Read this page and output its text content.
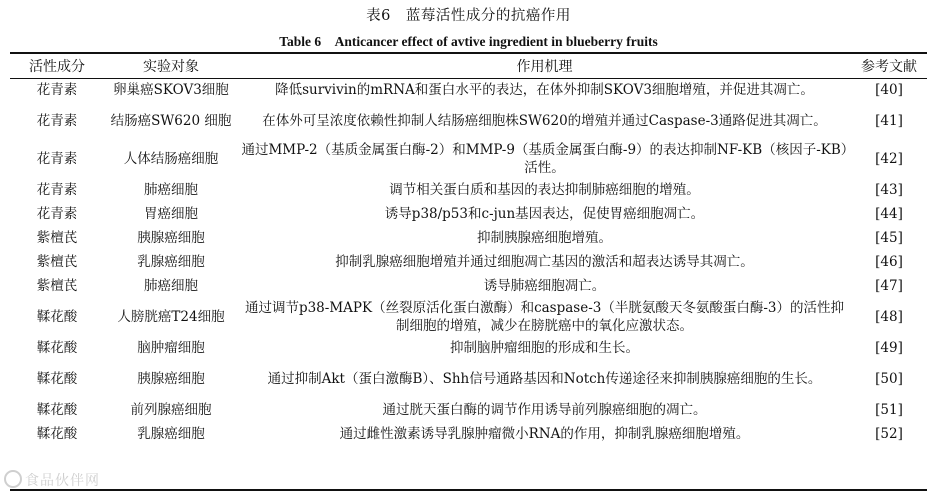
表6　蓝莓活性成分的抗癌作用
Table 6　Anticancer effect of avtive ingredient in blueberry fruits
活性成分	实验对象	作用机理	参考文献
花青素	卵巢癌SKOV3细胞	降低survivin的mRNA和蛋白水平的表达，在体外抑制SKOV3细胞增殖，并促进其凋亡。	[40]
花青素	结肠癌SW620 细胞	在体外可呈浓度依赖性抑制人结肠癌细胞株SW620的增殖并通过Caspase-3通路促进其凋亡。	[41]
花青素	人体结肠癌细胞	通过MMP-2（基质金属蛋白酶-2）和MMP-9（基质金属蛋白酶-9）的表达抑制NF-KB（核因子-KB）活性。	[42]
花青素	肺癌细胞	调节相关蛋白质和基因的表达抑制肺癌细胞的增殖。	[43]
花青素	胃癌细胞	诱导p38/p53和c-jun基因表达，促使胃癌细胞凋亡。	[44]
紫檀芪	胰腺癌细胞	抑制胰腺癌细胞增殖。	[45]
紫檀芪	乳腺癌细胞	抑制乳腺癌细胞增殖并通过细胞凋亡基因的激活和超表达诱导其凋亡。	[46]
紫檀芪	肺癌细胞	诱导肺癌细胞凋亡。	[47]
鞣花酸	人膀胱癌T24细胞	通过调节p38-MAPK（丝裂原活化蛋白激酶）和caspase-3（半胱氨酸天冬氨酸蛋白酶-3）的活性抑制细胞的增殖，减少在膀胱癌中的氧化应激状态。	[48]
鞣花酸	脑肿瘤细胞	抑制脑肿瘤细胞的形成和生长。	[49]
鞣花酸	胰腺癌细胞	通过抑制Akt（蛋白激酶B）、Shh信号通路基因和Notch传递途径来抑制胰腺癌细胞的生长。	[50]
鞣花酸	前列腺癌细胞	通过胱天蛋白酶的调节作用诱导前列腺癌细胞的凋亡。	[51]
鞣花酸	乳腺癌细胞	通过雌性激素诱导乳腺肿瘤微小RNA的作用，抑制乳腺癌细胞增殖。	[52]
食品伙伴网
